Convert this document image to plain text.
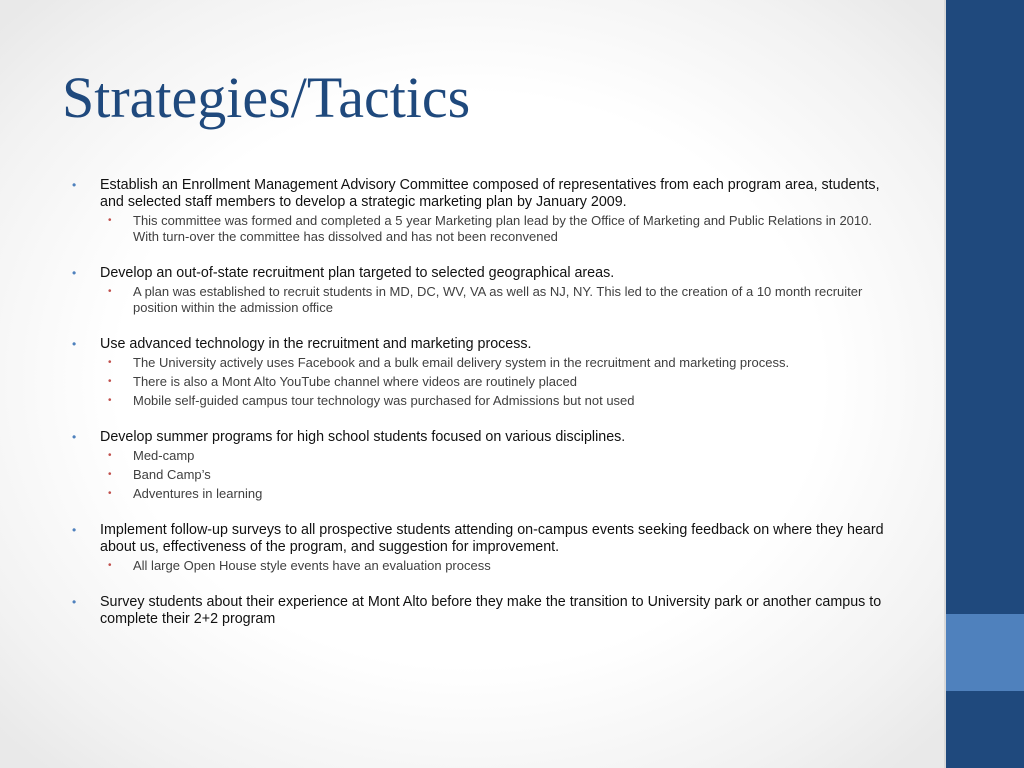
Strategies/Tactics
• Establish an Enrollment Management Advisory Committee composed of representatives from each program area, students, and selected staff members to develop a strategic marketing plan by January 2009.
• This committee was formed and completed a 5 year Marketing plan lead by the Office of Marketing and Public Relations in 2010. With turn-over the committee has dissolved and has not been reconvened
• Develop an out-of-state recruitment plan targeted to selected geographical areas.
• A plan was established to recruit students in MD, DC, WV, VA as well as NJ, NY. This led to the creation of a 10 month recruiter position within the admission office
• Use advanced technology in the recruitment and marketing process.
• The University actively uses Facebook and a bulk email delivery system in the recruitment and marketing process.
• There is also a Mont Alto YouTube channel where videos are routinely placed
• Mobile self-guided campus tour technology was purchased for Admissions but not used
• Develop summer programs for high school students focused on various disciplines.
• Med-camp
• Band Camp’s
• Adventures in learning
• Implement follow-up surveys to all prospective students attending on-campus events seeking feedback on where they heard about us, effectiveness of the program, and suggestion for improvement.
• All large Open House style events have an evaluation process
• Survey students about their experience at Mont Alto before they make the transition to University park or another campus to complete their 2+2 program
